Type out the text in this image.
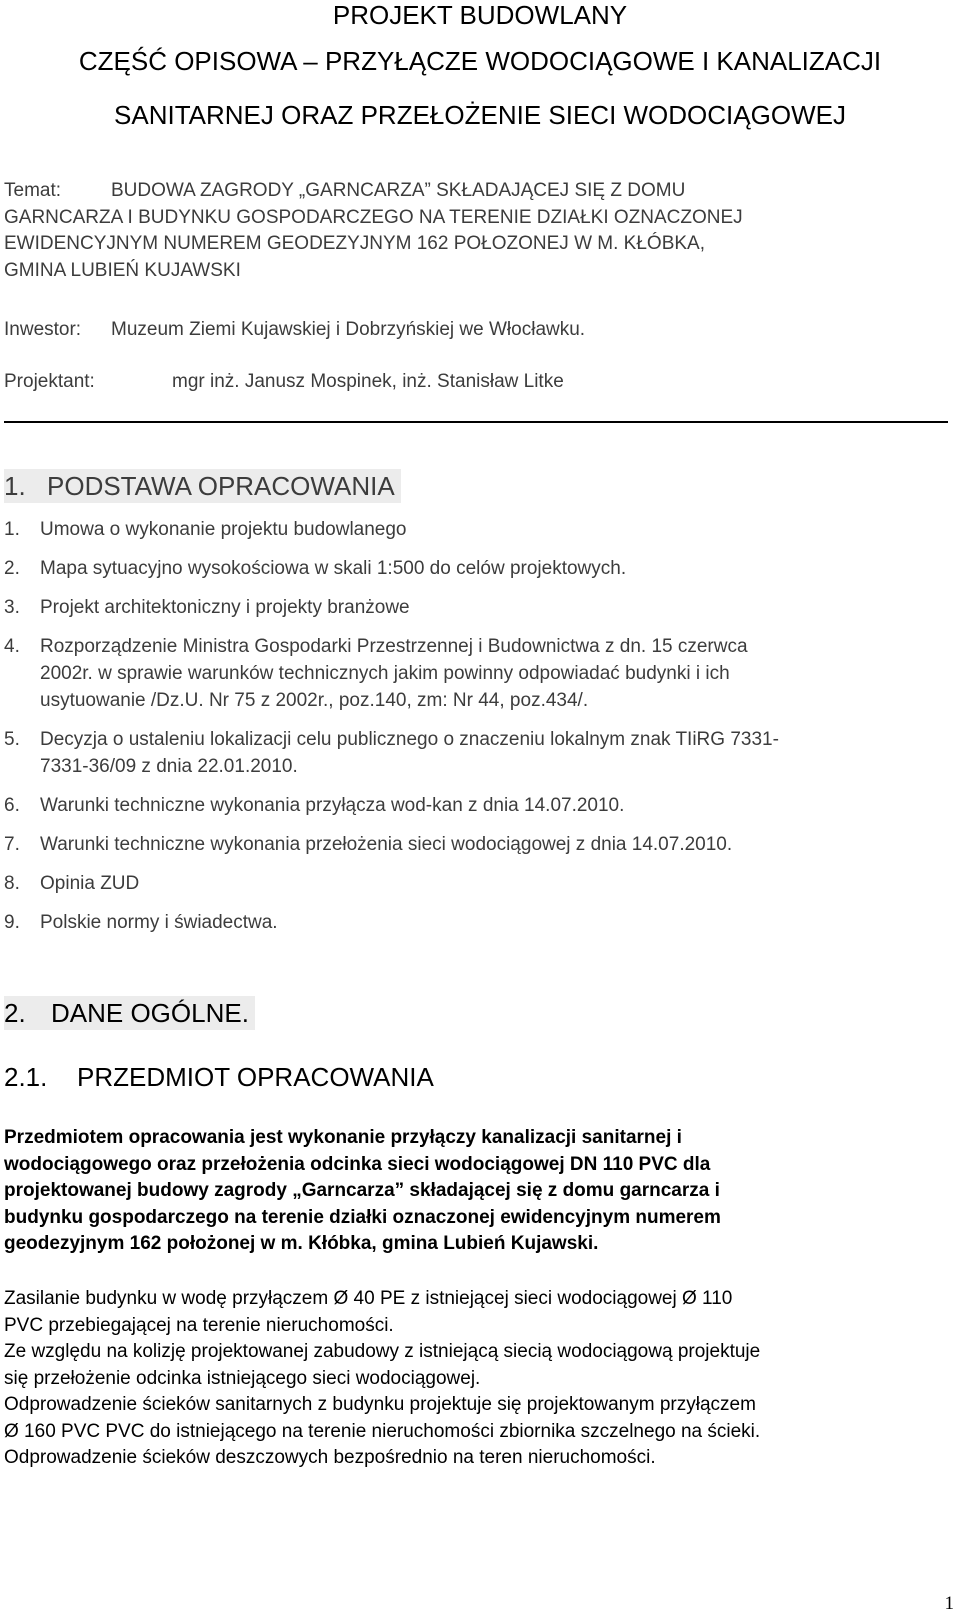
PROJEKT BUDOWLANY
CZĘŚĆ OPISOWA – PRZYŁĄCZE WODOCIĄGOWE I KANALIZACJI
SANITARNEJ ORAZ PRZEŁOŻENIE SIECI WODOCIĄGOWEJ
Temat:	BUDOWA ZAGRODY „GARNCARZA” SKŁADAJĄCEJ SIĘ Z DOMU
GARNCARZA I BUDYNKU GOSPODARCZEGO NA TERENIE DZIAŁKI OZNACZONEJ
EWIDENCYJNYM NUMEREM GEODEZYJNYM 162 POŁOZONEJ W M. KŁÓBKA,
GMINA LUBIEŃ KUJAWSKI
Inwestor: Muzeum Ziemi Kujawskiej i Dobrzyńskiej we Włocławku.
Projektant:	mgr inż. Janusz Mospinek, inż. Stanisław Litke
1. PODSTAWA OPRACOWANIA
1. Umowa o wykonanie projektu budowlanego
2. Mapa sytuacyjno wysokościowa w skali 1:500 do celów projektowych.
3. Projekt architektoniczny i projekty branżowe
4. Rozporządzenie Ministra Gospodarki Przestrzennej i Budownictwa z dn. 15 czerwca
2002r. w sprawie warunków technicznych jakim powinny odpowiadać budynki i ich
usytuowanie /Dz.U. Nr 75 z 2002r., poz.140, zm: Nr 44, poz.434/.
5. Decyzja o ustaleniu lokalizacji celu publicznego o znaczeniu lokalnym znak TIiRG 7331-
7331-36/09 z dnia 22.01.2010.
6. Warunki techniczne wykonania przyłącza wod-kan z dnia 14.07.2010.
7. Warunki techniczne wykonania przełożenia sieci wodociągowej z dnia 14.07.2010.
8. Opinia ZUD
9. Polskie normy i świadectwa.
2. DANE OGÓLNE.
2.1. PRZEDMIOT OPRACOWANIA
Przedmiotem opracowania jest wykonanie przyłączy kanalizacji sanitarnej i
wodociągowego oraz przełożenia odcinka sieci wodociągowej DN 110 PVC dla
projektowanej budowy zagrody „Garncarza” składającej się z domu garncarza i
budynku gospodarczego na terenie działki oznaczonej ewidencyjnym numerem
geodezyjnym 162 położonej w m. Kłóbka, gmina Lubień Kujawski.

Zasilanie budynku w wodę przyłączem Ø 40 PE z istniejącej sieci wodociągowej Ø 110

PVC przebiegającej na terenie nieruchomości.

Ze względu na kolizję projektowanej zabudowy z istniejącą siecią wodociągową projektuje

się przełożenie odcinka istniejącego sieci wodociągowej.

Odprowadzenie ścieków sanitarnych z budynku projektuje się projektowanym przyłączem

Ø 160 PVC PVC do istniejącego na terenie nieruchomości zbiornika szczelnego na ścieki.

Odprowadzenie ścieków deszczowych bezpośrednio na teren nieruchomości.

1
